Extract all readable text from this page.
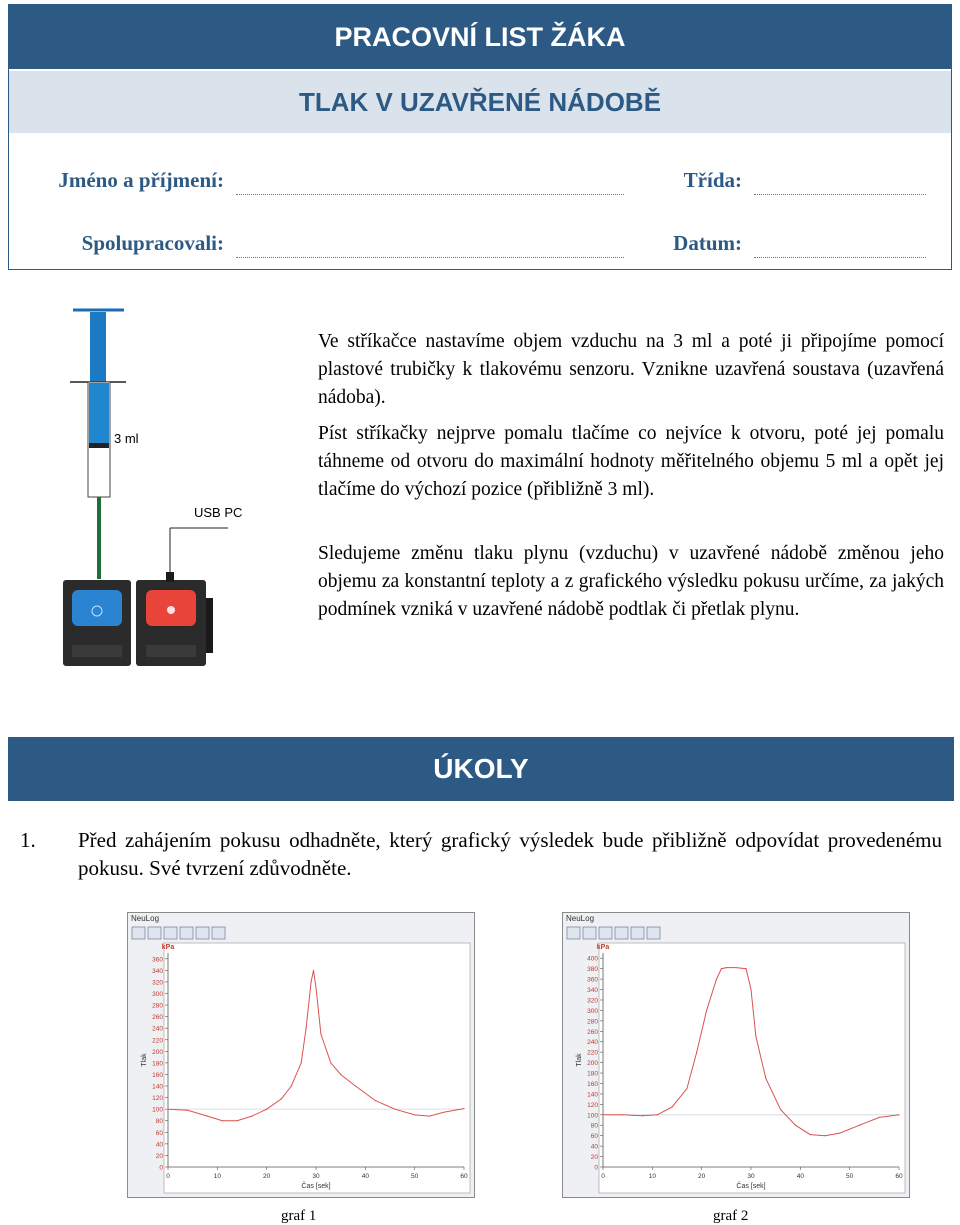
PRACOVNÍ LIST ŽÁKA
TLAK V UZAVŘENÉ NÁDOBĚ
Jméno a příjmení:	Třída:
Spolupracovali:	Datum:
3 ml
USB PC
Ve stříkačce nastavíme objem vzduchu na 3 ml a poté ji připojíme pomocí plastové trubičky k tlakovému senzoru. Vznikne uzavřená soustava (uzavřená nádoba).
Píst stříkačky nejprve pomalu tlačíme co nejvíce k otvoru, poté jej pomalu táhneme od otvoru do maximální hodnoty měřitelného objemu 5 ml a opět jej tlačíme do výchozí pozice (přibližně 3 ml).
Sledujeme změnu tlaku plynu (vzduchu) v uzavřené nádobě změnou jeho objemu za konstantní teploty a z grafického výsledku pokusu určíme, za jakých podmínek vzniká v uzavřené nádobě podtlak či přetlak plynu.
ÚKOLY
1. Před zahájením pokusu odhadněte, který grafický výsledek bude přibližně odpovídat provedenému pokusu. Své tvrzení zdůvodněte.
NeuLog
0
20
40
60
80
100
120
140
160
180
200
220
240
260
280
300
320
340
360
0	10	20	30	40	50	60
kPa
Tlak
Čas [sek]
NeuLog
0
20
40
60
80
100
120
140
160
180
200
220
240
260
280
300
320
340
360
380
400
0	10	20	30	40	50	60
kPa
Tlak
Čas [sek]
graf 1	graf 2
